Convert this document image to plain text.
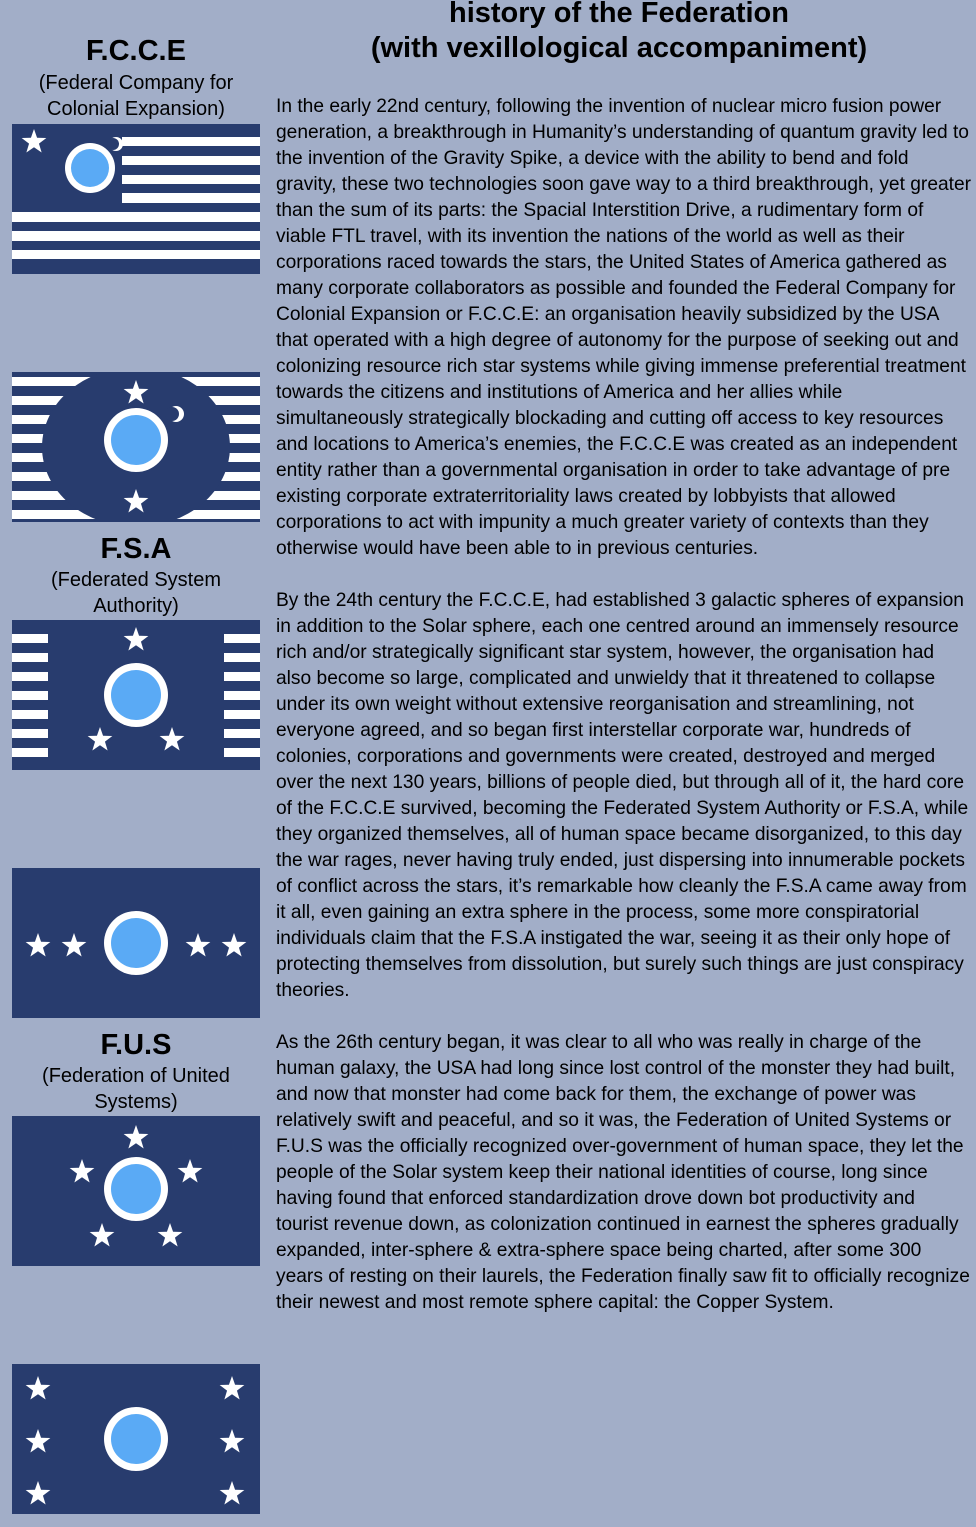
history of the Federation
(with vexillological accompaniment)
F.C.C.E
(Federal Company for
Colonial Expansion)
F.S.A
(Federated System
Authority)
F.U.S
(Federation of United
Systems)

In the early 22nd century, following the invention of nuclear micro fusion power generation, a breakthrough in Humanity’s understanding of quantum gravity led to the invention of the Gravity Spike, a device with the ability to bend and fold gravity, these two technologies soon gave way to a third breakthrough, yet greater than the sum of its parts: the Spacial Interstition Drive, a rudimentary form of viable FTL travel, with its invention the nations of the world as well as their corporations raced towards the stars, the United States of America gathered as many corporate collaborators as possible and founded the Federal Company for Colonial Expansion or F.C.C.E: an organisation heavily subsidized by the USA that operated with a high degree of autonomy for the purpose of seeking out and colonizing resource rich star systems while giving immense preferential treatment towards the citizens and institutions of America and her allies while simultaneously strategically blockading and cutting off access to key resources and locations to America’s enemies, the F.C.C.E was created as an independent entity rather than a governmental organisation in order to take advantage of pre existing corporate extraterritoriality laws created by lobbyists that allowed corporations to act with impunity a much greater variety of contexts than they otherwise would have been able to in previous centuries.

By the 24th century the F.C.C.E, had established 3 galactic spheres of expansion in addition to the Solar sphere, each one centred around an immensely resource rich and/or strategically significant star system, however, the organisation had also become so large, complicated and unwieldy that it threatened to collapse under its own weight without extensive reorganisation and streamlining, not everyone agreed, and so began first interstellar corporate war, hundreds of colonies, corporations and governments were created, destroyed and merged over the next 130 years, billions of people died, but through all of it, the hard core of the F.C.C.E survived, becoming the Federated System Authority or F.S.A, while they organized themselves, all of human space became disorganized, to this day the war rages, never having truly ended, just dispersing into innumerable pockets of conflict across the stars, it’s remarkable how cleanly the F.S.A came away from it all, even gaining an extra sphere in the process, some more conspiratorial individuals claim that the F.S.A instigated the war, seeing it as their only hope of protecting themselves from dissolution, but surely such things are just conspiracy theories.

As the 26th century began, it was clear to all who was really in charge of the human galaxy, the USA had long since lost control of the monster they had built, and now that monster had come back for them, the exchange of power was relatively swift and peaceful, and so it was, the Federation of United Systems or F.U.S was the officially recognized over-government of human space, they let the people of the Solar system keep their national identities of course, long since having found that enforced standardization drove down bot productivity and tourist revenue down, as colonization continued in earnest the spheres gradually expanded, inter-sphere & extra-sphere space being charted, after some 300 years of resting on their laurels, the Federation finally saw fit to officially recognize their newest and most remote sphere capital: the Copper System.
